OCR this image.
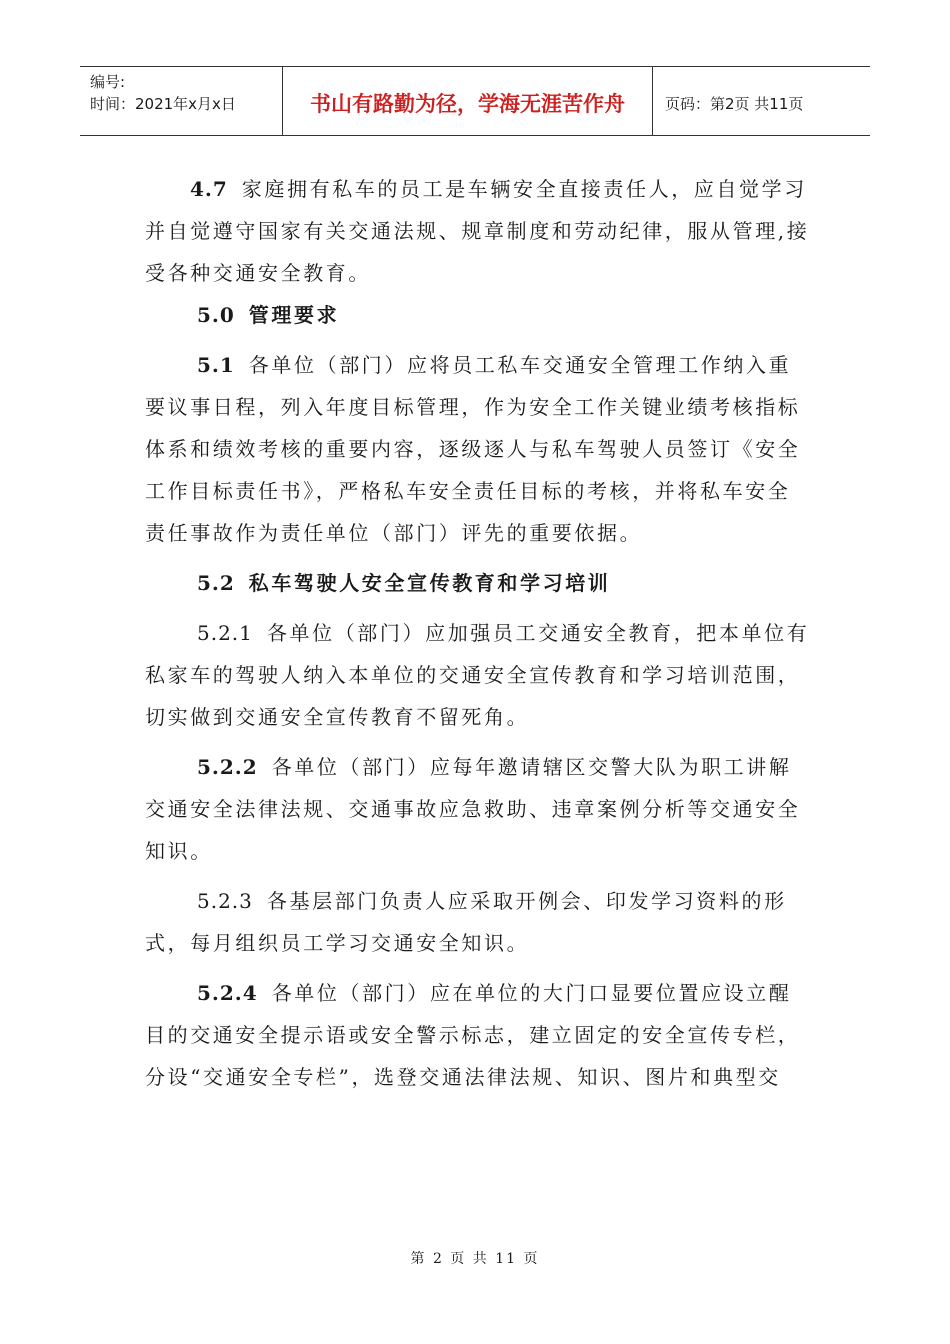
编号:
时间：2021年x月x日	书山有路勤为径，学海无涯苦作舟	页码：第2页 共11页

4.7 家庭拥有私车的员工是车辆安全直接责任人，应自觉学习并自觉遵守国家有关交通法规、规章制度和劳动纪律，服从管理,接受各种交通安全教育。

5.0 管理要求

5.1 各单位（部门）应将员工私车交通安全管理工作纳入重要议事日程，列入年度目标管理，作为安全工作关键业绩考核指标体系和绩效考核的重要内容，逐级逐人与私车驾驶人员签订《安全工作目标责任书》，严格私车安全责任目标的考核，并将私车安全责任事故作为责任单位（部门）评先的重要依据。

5.2 私车驾驶人安全宣传教育和学习培训

5.2.1 各单位（部门）应加强员工交通安全教育，把本单位有私家车的驾驶人纳入本单位的交通安全宣传教育和学习培训范围，切实做到交通安全宣传教育不留死角。

5.2.2 各单位（部门）应每年邀请辖区交警大队为职工讲解交通安全法律法规、交通事故应急救助、违章案例分析等交通安全知识。

5.2.3 各基层部门负责人应采取开例会、印发学习资料的形式，每月组织员工学习交通安全知识。

5.2.4 各单位（部门）应在单位的大门口显要位置应设立醒目的交通安全提示语或安全警示标志，建立固定的安全宣传专栏，分设“交通安全专栏”，选登交通法律法规、知识、图片和典型交

第 2 页 共 11 页
